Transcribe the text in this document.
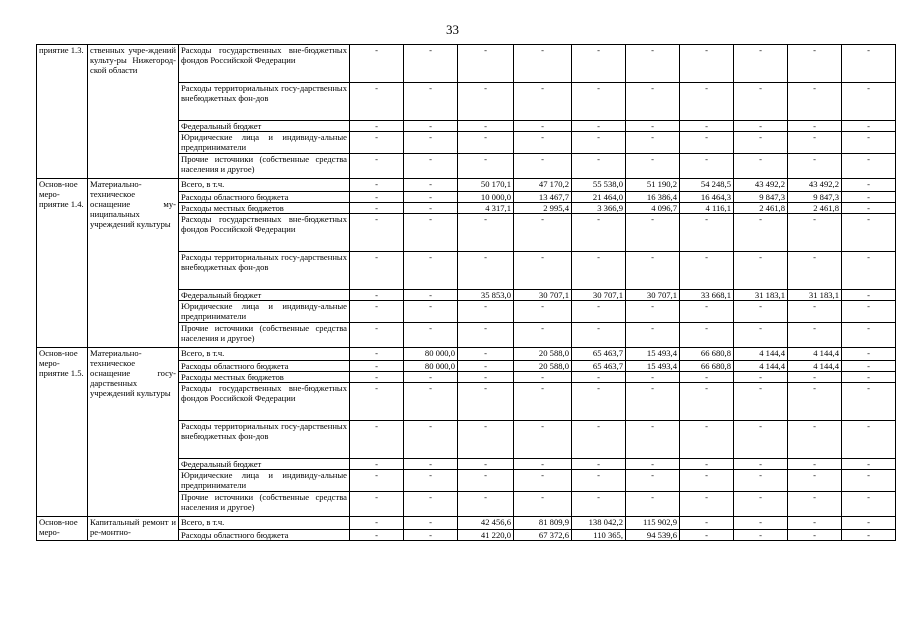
33
приятие 1.3.	ственных учре-ждений культу-ры Нижегород-ской области	Расходы государственных вне-бюджетных фондов Российской Федерации	-	-	-	-	-	-	-	-	-	-
		Расходы территориальных госу-дарственных внебюджетных фон-дов	-	-	-	-	-	-	-	-	-	-
		Федеральный бюджет	-	-	-	-	-	-	-	-	-	-
		Юридические лица и индивиду-альные предприниматели	-	-	-	-	-	-	-	-	-	-
		Прочие источники (собственные средства населения и другое)	-	-	-	-	-	-	-	-	-	-
Основ-ное меро-приятие 1.4.	Материально-техническое оснащение му-ниципальных учреждений культуры	Всего, в т.ч.	-	-	50 170,1	47 170,2	55 538,0	51 190,2	54 248,5	43 492,2	43 492,2	-
		Расходы областного бюджета	-	-	10 000,0	13 467,7	21 464,0	16 386,4	16 464,3	9 847,3	9 847,3	-
		Расходы местных бюджетов	-	-	4 317,1	2 995,4	3 366,9	4 096,7	4 116,1	2 461,8	2 461,8	-
		Расходы государственных вне-бюджетных фондов Российской Федерации	-	-	-	-	-	-	-	-	-	-
		Расходы территориальных госу-дарственных внебюджетных фон-дов	-	-	-	-	-	-	-	-	-	-
		Федеральный бюджет	-	-	35 853,0	30 707,1	30 707,1	30 707,1	33 668,1	31 183,1	31 183,1	-
		Юридические лица и индивиду-альные предприниматели	-	-	-	-	-	-	-	-	-	-
		Прочие источники (собственные средства населения и другое)	-	-	-	-	-	-	-	-	-	-
Основ-ное меро-приятие 1.5.	Материально-техническое оснащение госу-дарственных учреждений культуры	Всего, в т.ч.	-	80 000,0	-	20 588,0	65 463,7	15 493,4	66 680,8	4 144,4	4 144,4	-
		Расходы областного бюджета	-	80 000,0	-	20 588,0	65 463,7	15 493,4	66 680,8	4 144,4	4 144,4	-
		Расходы местных бюджетов	-	-	-	-	-	-	-	-	-	-
		Расходы государственных вне-бюджетных фондов Российской Федерации	-	-	-	-	-	-	-	-	-	-
		Расходы территориальных госу-дарственных внебюджетных фон-дов	-	-	-	-	-	-	-	-	-	-
		Федеральный бюджет	-	-	-	-	-	-	-	-	-	-
		Юридические лица и индивиду-альные предприниматели	-	-	-	-	-	-	-	-	-	-
		Прочие источники (собственные средства населения и другое)	-	-	-	-	-	-	-	-	-	-
Основ-ное меро-	Капитальный ремонт и ре-монтно-	Всего, в т.ч.	-	-	42 456,6	81 809,9	138 042,2	115 902,9	-	-	-	-
		Расходы областного бюджета	-	-	41 220,0	67 372,6	110 365,	94 539,6	-	-	-	-
